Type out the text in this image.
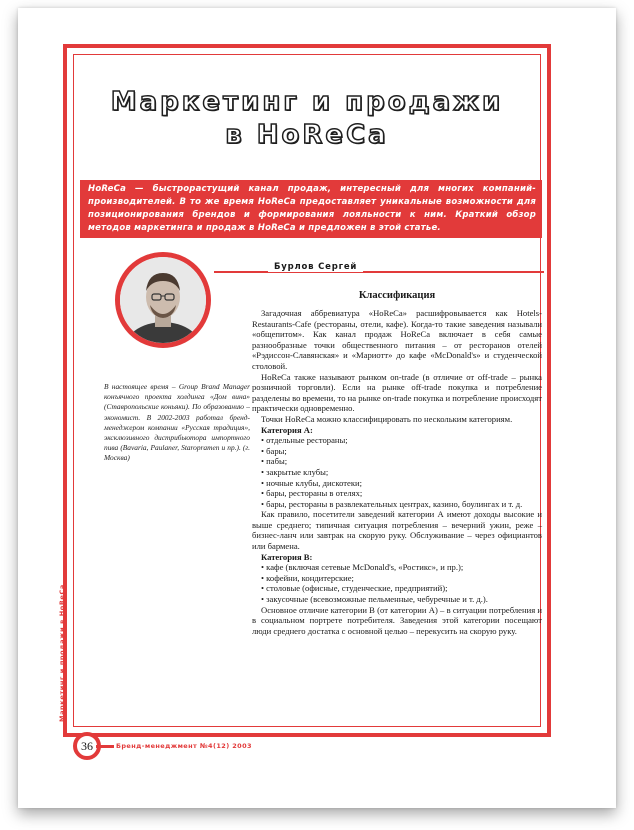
Маркетинг и продажи
в HoReCa
HoReCa — быстрорастущий канал продаж, интересный для многих компаний-производителей. В то же время HoReCa предоставляет уникальные возможности для позиционирования брендов и формирования лояльности к ним. Краткий обзор методов маркетинга и продаж в HoReCa и предложен в этой статье.
В настоящее время – Group Brand Manager конъячного проекта холдинга «Дом вина» (Ставропольские коньяки). По образованию – экономист. В 2002-2003 работал бренд-менеджером компании «Русская традиция», эксклюзивного дистрибьютора импортного пива (Bavaria, Paulaner, Staropramen и пр.). (г. Москва)
Бурлов Сергей
Классификация

Загадочная аббревиатура «HoReCa» расшифровывается как Hotels-Restaurants-Cafe (рестораны, отели, кафе). Когда-то такие заведения называли «общепитом». Как канал продаж HoReCa включает в себя самые разнообразные точки общественного питания – от ресторанов отелей «Рэдиссон-Славянская» и «Мариотт» до кафе «McDonald's» и студенческой столовой.

HoReCa также называют рынком on-trade (в отличие от off-trade – рынка розничной торговли). Если на рынке off-trade покупка и потребление разделены во времени, то на рынке on-trade покупка и потребление происходят практически одновременно.

Точки HoReCa можно классифицировать по нескольким категориям.

Категория А:

• отдельные рестораны;

• бары;

• пабы;

• закрытые клубы;

• ночные клубы, дискотеки;

• бары, рестораны в отелях;

• бары, рестораны в развлекательных центрах, казино, боулингах и т. д.

Как правило, посетители заведений категории А имеют доходы высокие и выше среднего; типичная ситуация потребления – вечерний ужин, реже – бизнес-ланч или завтрак на скорую руку. Обслуживание – через официантов или бармена.

Категория В:

• кафе (включая сетевые McDonald's, «Ростикс», и пр.);

• кофейни, кондитерские;

• столовые (офисные, студенческие, предприятий);

• закусочные (всевозможные пельменные, чебуречные и т. д.).

Основное отличие категории В (от категории А) – в ситуации потребления и в социальном портрете потребителя. Заведения этой категории посещают люди среднего достатка с основной целью – перекусить на скорую руку.

Маркетинг и продажи в HoReCa
36	Бренд-менеджмент №4(12) 2003
